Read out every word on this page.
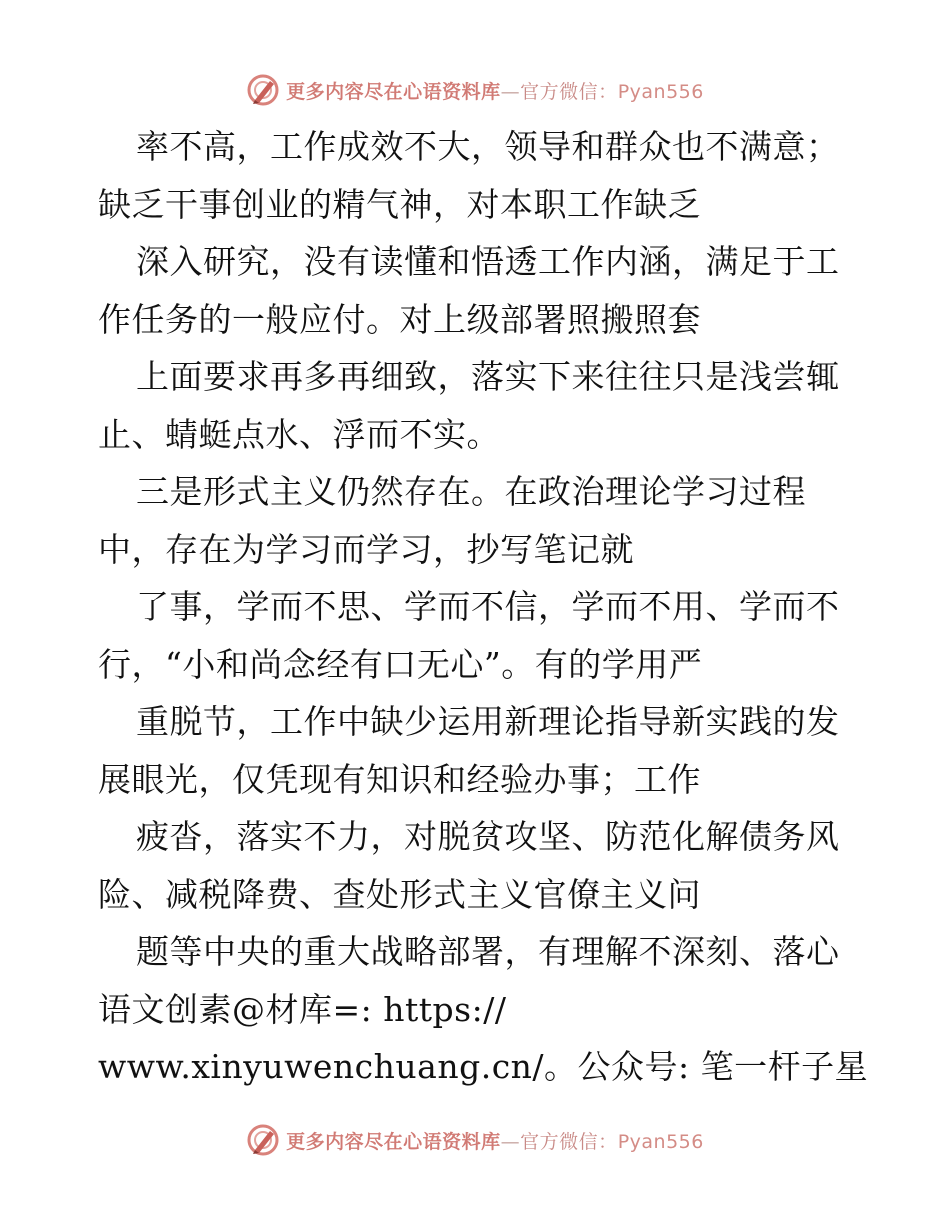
更多内容尽在心语资料库—官方微信：Pyan556
率不高，工作成效不大，领导和群众也不满意；
缺乏干事创业的精气神，对本职工作缺乏
深入研究，没有读懂和悟透工作内涵，满足于工
作任务的一般应付。对上级部署照搬照套
上面要求再多再细致，落实下来往往只是浅尝辄
止、蜻蜓点水、浮而不实。
三是形式主义仍然存在。在政治理论学习过程
中，存在为学习而学习，抄写笔记就
了事，学而不思、学而不信，学而不用、学而不
行，“小和尚念经有口无心”。有的学用严
重脱节，工作中缺少运用新理论指导新实践的发
展眼光，仅凭现有知识和经验办事；工作
疲沓，落实不力，对脱贫攻坚、防范化解债务风
险、减税降费、查处形式主义官僚主义问
题等中央的重大战略部署，有理解不深刻、落心
语文创素@材库=: https://
www.xinyuwenchuang.cn/。公众号: 笔一杆子星
更多内容尽在心语资料库—官方微信：Pyan556
